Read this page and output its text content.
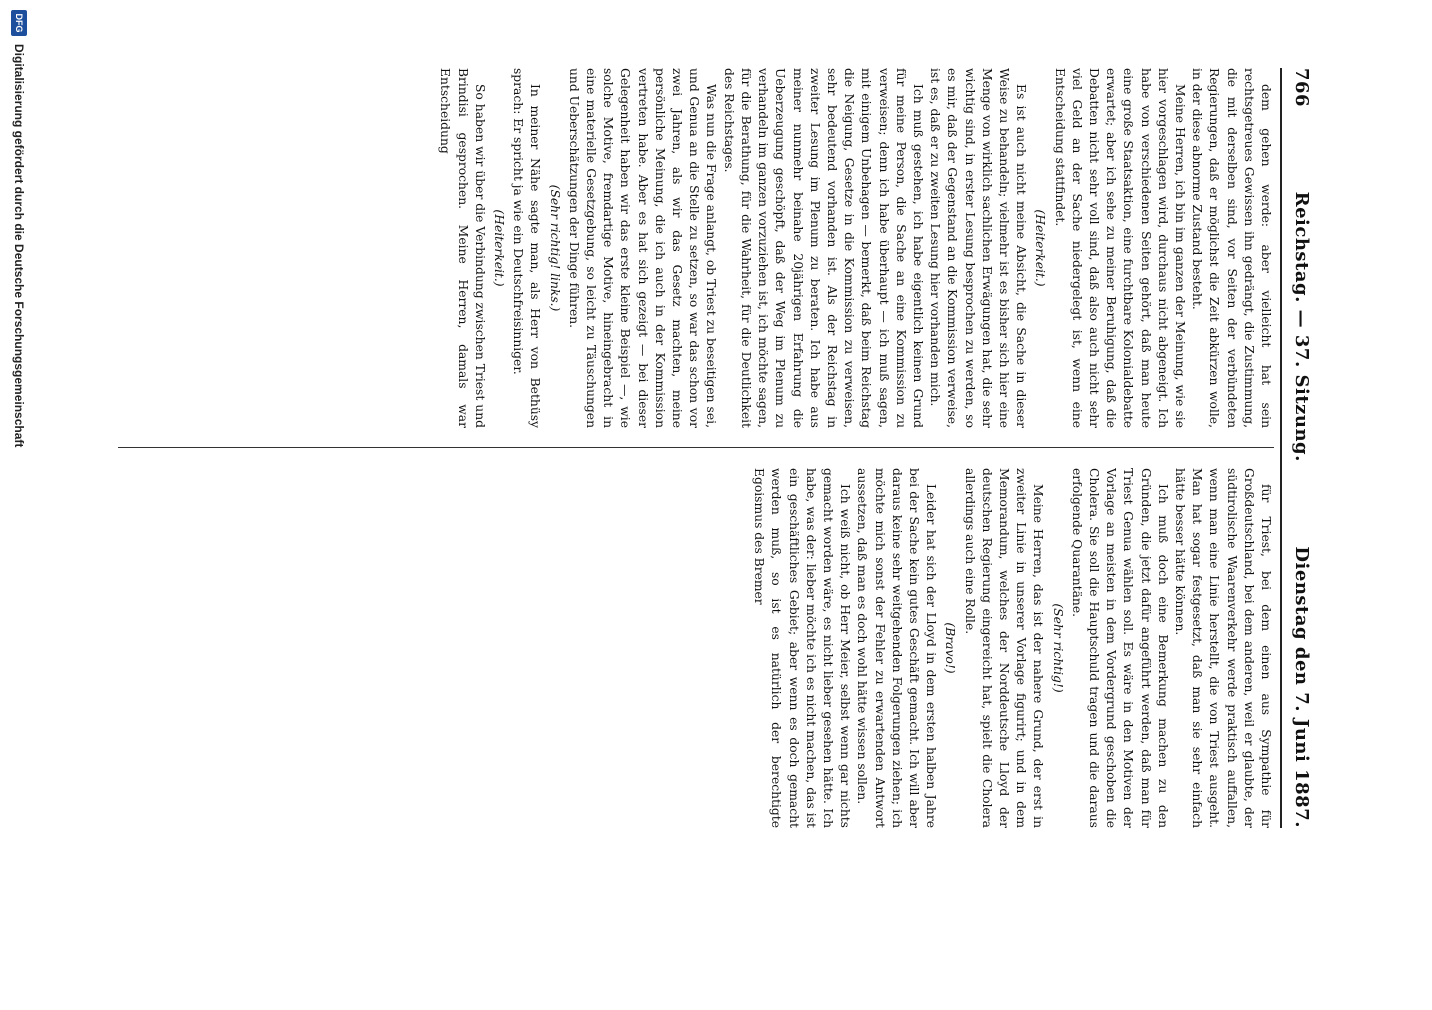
766
Reichstag. — 37. Sitzung.
Dienstag den 7. Juni 1887.

dem gehen werde: aber vielleicht hat sein rechtsgetreues Gewissen ihn gedrängt, die Zustimmung, die mit derselben sind, vor Seiten der verbündeten Regierungen, daß er möglichst die Zeit abkürzen wolle, in der diese abnorme Zustand besteht.

Meine Herren, ich bin im ganzen der Meinung, wie sie hier vorgeschlagen wird, durchaus nicht abgeneigt. Ich habe von verschiedenen Seiten gehört, daß man heute eine große Staatsaktion, eine furchtbare Kolonialdebatte erwartet; aber ich sehe zu meiner Beruhigung, daß die Debatten nicht sehr voll sind, daß also auch nicht sehr viel Geld an der Sache niedergelegt ist, wenn eine Entscheidung stattfindet.

(Heiterkeit.)

Es ist auch nicht meine Absicht, die Sache in dieser Weise zu behandeln; vielmehr ist es bisher sich hier eine Menge von wirklich sachlichen Erwägungen hat, die sehr wichtig sind, in erster Lesung besprochen zu werden, so es mir, daß der Gegenstand an die Kommission verweise, ist es, daß er zu zweiten Lesung hier vorhanden mich.

Ich muß gestehen, ich habe eigentlich keinen Grund für meine Person, die Sache an eine Kommission zu verweisen; denn ich habe überhaupt — ich muß sagen, mit einigem Unbehagen — bemerkt, daß beim Reichstag die Neigung, Gesetze in die Kommission zu verweisen, sehr bedeutend vorhanden ist. Als der Reichstag in zweiter Lesung im Plenum zu beraten. Ich habe aus meiner nunmehr beinahe 20jährigen Erfahrung die Ueberzeugung geschöpft, daß der Weg im Plenum zu verhandeln im ganzen vorzuziehen ist, ich möchte sagen, für die Berathung, für die Wahrheit, für die Deutlichkeit des Reichstages.

Was nun die Frage anlangt, ob Triest zu beseitigen sei, und Genua an die Stelle zu setzen, so war das schon vor zwei Jahren, als wir das Gesetz machten, meine persönliche Meinung, die ich auch in der Kommission vertreten habe. Aber es hat sich gezeigt — bei dieser Gelegenheit haben wir das erste kleine Beispiel —, wie solche Motive, fremdartige Motive, hineingebracht in eine materielle Gesetzgebung, so leicht zu Täuschungen und Ueberschätzungen der Dinge führen.

(Sehr richtig! links.)

In meiner Nähe sagte man, als Herr von Bethüsy sprach: Er spricht ja wie ein Deutschfreisinniger.

(Heiterkeit.)

So haben wir über die Verbindung zwischen Triest und Brindisi gesprochen. Meine Herren, damals war Entscheidung

für Triest, bei dem einen aus Sympathie für Großdeutschland, bei dem anderen, weil er glaubte, der südtirolische Waarenverkehr werde praktisch auffallen, wenn man eine Linie herstellt, die von Triest ausgeht. Man hat sogar festgesetzt, daß man sie sehr einfach hätte besser hätte können.

Ich muß doch eine Bemerkung machen zu den Gründen, die jetzt dafür angeführt werden, daß man für Triest Genua wählen soll. Es wäre in den Motiven der Vorlage an meisten in dem Vordergrund geschoben die Cholera. Sie soll die Hauptschuld tragen und die daraus erfolgende Quarantäne.

(Sehr richtig!)

Meine Herren, das ist der nahere Grund, der erst in zweiter Linie in unserer Vorlage figurirt; und in dem Memorandum, welches der Norddeutsche Lloyd der deutschen Regierung eingereicht hat, spielt die Cholera allerdings auch eine Rolle.

(Bravo!)

Leider hat sich der Lloyd in dem ersten halben Jahre bei der Sache kein gutes Geschäft gemacht. Ich will aber daraus keine sehr weitgehenden Folgerungen ziehen; ich möchte mich sonst der Fehler zu erwartenden Antwort aussetzen, daß man es doch wohl hätte wissen sollen.

Ich weiß nicht, ob Herr Meier, selbst wenn gar nichts gemacht worden wäre, es nicht lieber gesehen hätte. Ich habe, was der: lieber möchte ich es nicht machen, das ist ein geschäftliches Gebiet; aber wenn es doch gemacht werden muß, so ist es natürlich der berechtigte Egoismus des Bremer

DFG
Digitalisierung gefördert durch die Deutsche Forschungsgemeinschaft
